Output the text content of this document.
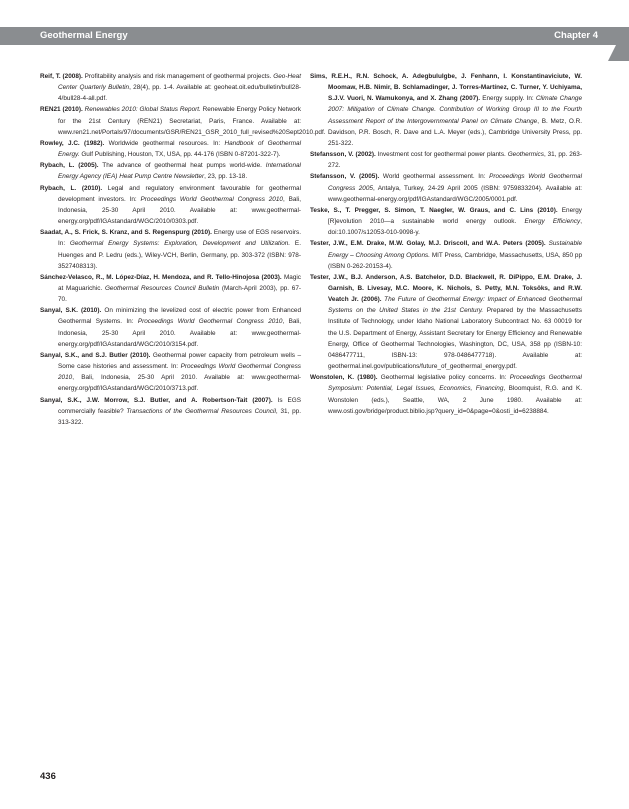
Geothermal Energy	Chapter 4

Reif, T. (2008). Profitability analysis and risk management of geothermal projects. Geo-Heat Center Quarterly Bulletin, 28(4), pp. 1-4. Available at: geoheat.oit.edu/bulletin/bull28-4/bull28-4-all.pdf.

REN21 (2010). Renewables 2010: Global Status Report. Renewable Energy Policy Network for the 21st Century (REN21) Secretariat, Paris, France. Available at: www.ren21.net/Portals/97/documents/GSR/REN21_GSR_2010_full_revised%20Sept2010.pdf.

Rowley, J.C. (1982). Worldwide geothermal resources. In: Handbook of Geothermal Energy. Gulf Publishing, Houston, TX, USA, pp. 44-176 (ISBN 0-87201-322-7).

Rybach, L. (2005). The advance of geothermal heat pumps world-wide. International Energy Agency (IEA) Heat Pump Centre Newsletter, 23, pp. 13-18.

Rybach, L. (2010). Legal and regulatory environment favourable for geothermal development investors. In: Proceedings World Geothermal Congress 2010, Bali, Indonesia, 25-30 April 2010. Available at: www.geothermal-energy.org/pdf/IGAstandard/WGC/2010/0303.pdf.

Saadat, A., S. Frick, S. Kranz, and S. Regenspurg (2010). Energy use of EGS reservoirs. In: Geothermal Energy Systems: Exploration, Development and Utilization. E. Huenges and P. Ledru (eds.), Wiley-VCH, Berlin, Germany, pp. 303-372 (ISBN: 978-3527408313).

Sánchez-Velasco, R., M. López-Díaz, H. Mendoza, and R. Tello-Hinojosa (2003). Magic at Maguarichic. Geothermal Resources Council Bulletin (March-April 2003), pp. 67-70.

Sanyal, S.K. (2010). On minimizing the levelized cost of electric power from Enhanced Geothermal Systems. In: Proceedings World Geothermal Congress 2010, Bali, Indonesia, 25-30 April 2010. Available at: www.geothermal-energy.org/pdf/IGAstandard/WGC/2010/3154.pdf.

Sanyal, S.K., and S.J. Butler (2010). Geothermal power capacity from petroleum wells – Some case histories and assessment. In: Proceedings World Geothermal Congress 2010, Bali, Indonesia, 25-30 April 2010. Available at: www.geothermal-energy.org/pdf/IGAstandard/WGC/2010/3713.pdf.

Sanyal, S.K., J.W. Morrow, S.J. Butler, and A. Robertson-Tait (2007). Is EGS commercially feasible? Transactions of the Geothermal Resources Council, 31, pp. 313-322.

Sims, R.E.H., R.N. Schock, A. Adegbululgbe, J. Fenhann, I. Konstantinaviciute, W. Moomaw, H.B. Nimir, B. Schlamadinger, J. Torres-Martínez, C. Turner, Y. Uchiyama, S.J.V. Vuori, N. Wamukonya, and X. Zhang (2007). Energy supply. In: Climate Change 2007: Mitigation of Climate Change. Contribution of Working Group III to the Fourth Assessment Report of the Intergovernmental Panel on Climate Change, B. Metz, O.R. Davidson, P.R. Bosch, R. Dave and L.A. Meyer (eds.), Cambridge University Press, pp. 251-322.

Stefansson, V. (2002). Investment cost for geothermal power plants. Geothermics, 31, pp. 263-272.

Stefansson, V. (2005). World geothermal assessment. In: Proceedings World Geothermal Congress 2005, Antalya, Turkey, 24-29 April 2005 (ISBN: 9759833204). Available at: www.geothermal-energy.org/pdf/IGAstandard/WGC/2005/0001.pdf.

Teske, S., T. Pregger, S. Simon, T. Naegler, W. Graus, and C. Lins (2010). Energy [R]evolution 2010—a sustainable world energy outlook. Energy Efficiency, doi:10.1007/s12053-010-9098-y.

Tester, J.W., E.M. Drake, M.W. Golay, M.J. Driscoll, and W.A. Peters (2005). Sustainable Energy – Choosing Among Options. MIT Press, Cambridge, Massachusetts, USA, 850 pp (ISBN 0-262-20153-4).

Tester, J.W., B.J. Anderson, A.S. Batchelor, D.D. Blackwell, R. DiPippo, E.M. Drake, J. Garnish, B. Livesay, M.C. Moore, K. Nichols, S. Petty, M.N. Toksöks, and R.W. Veatch Jr. (2006). The Future of Geothermal Energy: Impact of Enhanced Geothermal Systems on the United States in the 21st Century. Prepared by the Massachusetts Institute of Technology, under Idaho National Laboratory Subcontract No. 63 00019 for the U.S. Department of Energy, Assistant Secretary for Energy Efficiency and Renewable Energy, Office of Geothermal Technologies, Washington, DC, USA, 358 pp (ISBN-10: 0486477711, ISBN-13: 978-0486477718). Available at: geothermal.inel.gov/publications/future_of_geothermal_energy.pdf.

Wonstolen, K. (1980). Geothermal legislative policy concerns. In: Proceedings Geothermal Symposium: Potential, Legal Issues, Economics, Financing, Bloomquist, R.G. and K. Wonstolen (eds.), Seattle, WA, 2 June 1980. Available at: www.osti.gov/bridge/product.biblio.jsp?query_id=0&page=0&osti_id=6238884.

436
